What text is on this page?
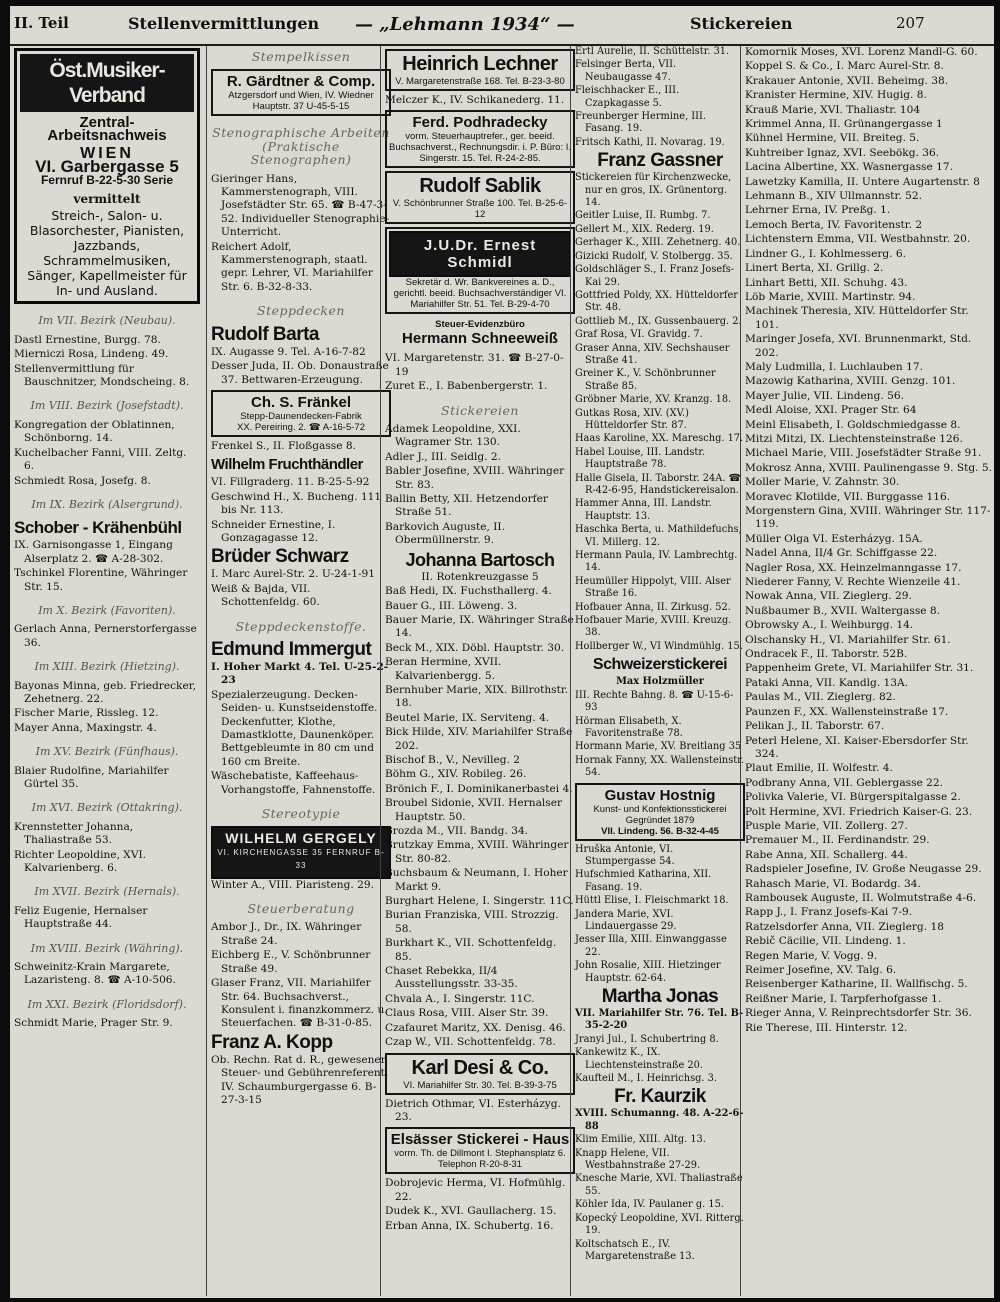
II. Teil	Stellenvermittlungen — „Lehmann 1934“ —	Stickereien	207
Öst.Musiker-Verband
Zentral-Arbeitsnachweis
WIEN
VI. Garbergasse 5
Fernruf B-22-5-30 Serie
vermittelt
Streich-, Salon- u. Blasorchester, Pianisten, Jazzbands, Schrammelmusiken, Sänger, Kapellmeister für In- und Ausland.
Im VII. Bezirk (Neubau).
Dastl Ernestine, Burgg. 78.
Mierniczi Rosa, Lindeng. 49.
Stellenvermittlung für Bauschnitzer, Mondscheing. 8.
Im VIII. Bezirk (Josefstadt).
Kongregation der Oblatinnen, Schönborng. 14.
Kuchelbacher Fanni, VIII. Zeltg. 6.
Schmiedt Rosa, Josefg. 8.
Im IX. Bezirk (Alsergrund).
Schober - Krähenbühl
IX. Garnisongasse 1, Eingang Alserplatz 2. ☎ A-28-302.
Tschinkel Florentine, Währinger Str. 15.
Im X. Bezirk (Favoriten).
Gerlach Anna, Pernerstorfergasse 36.
Im XIII. Bezirk (Hietzing).
Bayonas Minna, geb. Friedrecker, Zehetnerg. 22.
Fischer Marie, Rissleg. 12.
Mayer Anna, Maxingstr. 4.
Im XV. Bezirk (Fünfhaus).
Blaier Rudolfine, Mariahilfer Gürtel 35.
Im XVI. Bezirk (Ottakring).
Krennstetter Johanna, Thaliastraße 53.
Richter Leopoldine, XVI. Kalvarienberg. 6.
Im XVII. Bezirk (Hernals).
Feliz Eugenie, Hernalser Hauptstraße 44.
Im XVIII. Bezirk (Währing).
Schweinitz-Krain Margarete, Lazaristeng. 8. ☎ A-10-506.
Im XXI. Bezirk (Floridsdorf).
Schmidt Marie, Prager Str. 9.
Stempelkissen
R. Gärdtner & Comp.
Atzgersdorf und Wien, IV. Wiedner Hauptstr. 37 U-45-5-15
Stenographische Arbeiten (Praktische Stenographen)
Gieringer Hans, Kammerstenograph, VIII. Josefstädter Str. 65. ☎ B-47-3-52. Individueller Stenographie-Unterricht.
Reichert Adolf, Kammerstenograph, staatl. gepr. Lehrer, VI. Mariahilfer Str. 6. B-32-8-33.
Steppdecken
Rudolf Barta
IX. Augasse 9. Tel. A-16-7-82
Desser Juda, II. Ob. Donaustraße 37. Bettwaren-Erzeugung.
Ch. S. Fränkel
Stepp-Daunendecken-Fabrik
XX. Pereiring. 2. ☎ A-16-5-72
Frenkel S., II. Floßgasse 8.
Wilhelm Fruchthändler
VI. Fillgraderg. 11. B-25-5-92
Geschwind H., X. Bucheng. 111 bis Nr. 113.
Schneider Ernestine, I. Gonzagagasse 12.
Brüder Schwarz
I. Marc Aurel-Str. 2. U-24-1-91
Weiß & Bajda, VII. Schottenfeldg. 60.
Steppdeckenstoffe.
Edmund Immergut
I. Hoher Markt 4. Tel. U-25-2-23
Spezialerzeugung. Decken-Seiden- u. Kunstseidenstoffe. Deckenfutter, Klothe, Damastklotte, Daunenköper. Bettgebleumte in 80 cm und 160 cm Breite.
Wäschebatiste, Kaffeehaus-Vorhangstoffe, Fahnenstoffe.
Stereotypie
WILHELM GERGELY
VI. KIRCHENGASSE 35 FERNRUF B-33
Winter A., VIII. Piaristeng. 29.
Steuerberatung
Ambor J., Dr., IX. Währinger Straße 24.
Eichberg E., V. Schönbrunner Straße 49.
Glaser Franz, VII. Mariahilfer Str. 64. Buchsachverst., Konsulent i. finanzkommerz. u. Steuerfachen. ☎ B-31-0-85.
Franz A. Kopp
Ob. Rechn. Rat d. R., gewesener Steuer- und Gebührenreferent, IV. Schaumburgergasse 6. B-27-3-15
Heinrich Lechner
V. Margaretenstraße 168. Tel. B-23-3-80
Melczer K., IV. Schikanederg. 11.
Ferd. Podhradecky
vorm. Steuerhauptrefer., ger. beeid. Buchsachverst., Rechnungsdir. i. P. Büro: I. Singerstr. 15. Tel. R-24-2-85.
Rudolf Sablik
V. Schönbrunner Straße 100. Tel. B-25-6-12
J.U.Dr. Ernest Schmidl
Sekretär d. Wr. Bankvereines a. D., gerichtl. beeid. Buchsachverständiger VI. Mariahilfer Str. 51. Tel. B-29-4-70
Steuer-Evidenzbüro
Hermann Schneeweiß
VI. Margaretenstr. 31. ☎ B-27-0-19
Zuret E., I. Babenbergerstr. 1.
Stickereien
Adamek Leopoldine, XXI. Wagramer Str. 130.
Adler J., III. Seidlg. 2.
Babler Josefine, XVIII. Währinger Str. 83.
Ballin Betty, XII. Hetzendorfer Straße 51.
Barkovich Auguste, II. Obermüllnerstr. 9.
Johanna Bartosch
II. Rotenkreuzgasse 5
Baß Hedi, IX. Fuchsthallerg. 4.
Bauer G., III. Löweng. 3.
Bauer Marie, IX. Währinger Straße 14.
Beck M., XIX. Döbl. Hauptstr. 30.
Beran Hermine, XVII. Kalvarienbergg. 5.
Bernhuber Marie, XIX. Billrothstr. 18.
Beutel Marie, IX. Serviteng. 4.
Bick Hilde, XIV. Mariahilfer Straße 202.
Bischof B., V., Nevilleg. 2
Böhm G., XIV. Robileg. 26.
Brönich F., I. Dominikanerbastei 4.
Broubel Sidonie, XVII. Hernalser Hauptstr. 50.
Brozda M., VII. Bandg. 34.
Brutzkay Emma, XVIII. Währinger Str. 80-82.
Buchsbaum & Neumann, I. Hoher Markt 9.
Burghart Helene, I. Singerstr. 11C.
Burian Franziska, VIII. Strozzig. 58.
Burkhart K., VII. Schottenfeldg. 85.
Chaset Rebekka, II/4 Ausstellungsstr. 33-35.
Chvala A., I. Singerstr. 11C.
Claus Rosa, VIII. Alser Str. 39.
Czafauret Maritz, XX. Denisg. 46.
Czap W., VII. Schottenfeldg. 78.
Karl Desi & Co.
VI. Mariahilfer Str. 30. Tel. B-39-3-75
Dietrich Othmar, VI. Esterházyg. 23.
Elsässer Stickerei - Haus
vorm. Th. de Dillmont I. Stephansplatz 6. Telephon R-20-8-31
Dobrojevic Herma, VI. Hofmühlg. 22.
Dudek K., XVI. Gaullacherg. 15.
Erban Anna, IX. Schubertg. 16.
Ertl Aurelie, II. Schüttelstr. 31.
Felsinger Berta, VII. Neubaugasse 47.
Fleischhacker E., III. Czapkagasse 5.
Freunberger Hermine, III. Fasang. 19.
Fritsch Kathi, II. Novarag. 19.
Franz Gassner
Stickereien für Kirchenzwecke, nur en gros, IX. Grünentorg. 14.
Geitler Luise, II. Rumbg. 7.
Gellert M., XIX. Rederg. 19.
Gerhager K., XIII. Zehetnerg. 40.
Gizicki Rudolf, V. Stolbergg. 35.
Goldschläger S., I. Franz Josefs-Kai 29.
Gottfried Poldy, XX. Hütteldorfer Str. 48.
Gottlieb M., IX. Gussenbauerg. 2.
Graf Rosa, VI. Gravidg. 7.
Graser Anna, XIV. Sechshauser Straße 41.
Greiner K., V. Schönbrunner Straße 85.
Gröbner Marie, XV. Kranzg. 18.
Gutkas Rosa, XIV. (XV.) Hütteldorfer Str. 87.
Haas Karoline, XX. Mareschg. 17.
Habel Louise, III. Landstr. Hauptstraße 78.
Halle Gisela, II. Taborstr. 24A. ☎ R-42-6-95, Handstickereisalon.
Hammer Anna, III. Landstr. Hauptstr. 13.
Haschka Berta, u. Mathildefuchs, VI. Millerg. 12.
Hermann Paula, IV. Lambrechtg. 14.
Heumüller Hippolyt, VIII. Alser Straße 16.
Hofbauer Anna, II. Zirkusg. 52.
Hofbauer Marie, XVIII. Kreuzg. 38.
Hollberger W., VI Windmühlg. 15.
Schweizerstickerei
Max Holzmüller
III. Rechte Bahng. 8. ☎ U-15-6-93
Hörman Elisabeth, X. Favoritenstraße 78.
Hormann Marie, XV. Breitlang 35
Hornak Fanny, XX. Wallensteinstr. 54.
Gustav Hostnig
Kunst- und Konfektionsstickerei Gegründet 1879
VII. Lindeng. 56. B-32-4-45
Hruška Antonie, VI. Stumpergasse 54.
Hufschmied Katharina, XII. Fasang. 19.
Hüttl Elise, I. Fleischmarkt 18.
Jandera Marie, XVI. Lindauergasse 29.
Jesser Illa, XIII. Einwanggasse 22.
John Rosalie, XIII. Hietzinger Hauptstr. 62-64.
Martha Jonas
VII. Mariahilfer Str. 76. Tel. B-35-2-20
Jranyi Jul., I. Schubertring 8.
Kankewitz K., IX. Liechtensteinstraße 20.
Kaufteil M., I. Heinrichsg. 3.
Fr. Kaurzik
XVIII. Schumanng. 48. A-22-6-88
Klim Emilie, XIII. Altg. 13.
Knapp Helene, VII. Westbahnstraße 27-29.
Knesche Marie, XVI. Thaliastraße 55.
Köhler Ida, IV. Paulaner g. 15.
Kopecký Leopoldine, XVI. Ritterg. 19.
Koltschatsch E., IV. Margaretenstraße 13.
Komornik Moses, XVI. Lorenz Mandl-G. 60.
Koppel S. & Co., I. Marc Aurel-Str. 8.
Krakauer Antonie, XVII. Beheimg. 38.
Kranister Hermine, XIV. Hugig. 8.
Krauß Marie, XVI. Thaliastr. 104
Krimmel Anna, II. Grünangergasse 1
Kühnel Hermine, VII. Breiteg. 5.
Kuhtreiber Ignaz, XVI. Seebökg. 36.
Lacina Albertine, XX. Wasnergasse 17.
Lawetzky Kamilla, II. Untere Augartenstr. 8
Lehmann B., XIV Ullmannstr. 52.
Lehrner Erna, IV. Preßg. 1.
Lemoch Berta, IV. Favoritenstr. 2
Lichtenstern Emma, VII. Westbahnstr. 20.
Lindner G., I. Kohlmesserg. 6.
Linert Berta, XI. Grillg. 2.
Linhart Betti, XII. Schuhg. 43.
Löb Marie, XVIII. Martinstr. 94.
Machinek Theresia, XIV. Hütteldorfer Str. 101.
Maringer Josefa, XVI. Brunnenmarkt, Std. 202.
Maly Ludmilla, I. Luchlauben 17.
Mazowig Katharina, XVIII. Genzg. 101.
Mayer Julie, VII. Lindeng. 56.
Medl Aloise, XXI. Prager Str. 64
Meinl Elisabeth, I. Goldschmiedgasse 8.
Mitzi Mitzi, IX. Liechtensteinstraße 126.
Michael Marie, VIII. Josefstädter Straße 91.
Mokrosz Anna, XVIII. Paulinengasse 9. Stg. 5.
Moller Marie, V. Zahnstr. 30.
Moravec Klotilde, VII. Burggasse 116.
Morgenstern Gina, XVIII. Währinger Str. 117-119.
Müller Olga VI. Esterházyg. 15A.
Nadel Anna, II/4 Gr. Schiffgasse 22.
Nagler Rosa, XX. Heinzelmanngasse 17.
Niederer Fanny, V. Rechte Wienzeile 41.
Nowak Anna, VII. Zieglerg. 29.
Nußbaumer B., XVII. Waltergasse 8.
Obrowsky A., I. Weihburgg. 14.
Olschansky H., VI. Mariahilfer Str. 61.
Ondracek F., II. Taborstr. 52B.
Pappenheim Grete, VI. Mariahilfer Str. 31.
Pataki Anna, VII. Kandlg. 13A.
Paulas M., VII. Zieglerg. 82.
Paunzen F., XX. Wallensteinstraße 17.
Pelikan J., II. Taborstr. 67.
Peterl Helene, XI. Kaiser-Ebersdorfer Str. 324.
Plaut Emilie, II. Wolfestr. 4.
Podbrany Anna, VII. Geblergasse 22.
Polivka Valerie, VI. Bürgerspitalgasse 2.
Polt Hermine, XVI. Friedrich Kaiser-G. 23.
Pusple Marie, VII. Zollerg. 27.
Premauer M., II. Ferdinandstr. 29.
Rabe Anna, XII. Schallerg. 44.
Radspieler Josefine, IV. Große Neugasse 29.
Rahasch Marie, VI. Bodardg. 34.
Rambousek Auguste, II. Wolmutstraße 4-6.
Rapp J., I. Franz Josefs-Kai 7-9.
Ratzelsdorfer Anna, VII. Zieglerg. 18
Rebič Cäcilie, VII. Lindeng. 1.
Regen Marie, V. Vogg. 9.
Reimer Josefine, XV. Talg. 6.
Reisenberger Katharine, II. Wallfischg. 5.
Reißner Marie, I. Tarpferhofgasse 1.
Rieger Anna, V. Reinprechtsdorfer Str. 36.
Rie Therese, III. Hinterstr. 12.
